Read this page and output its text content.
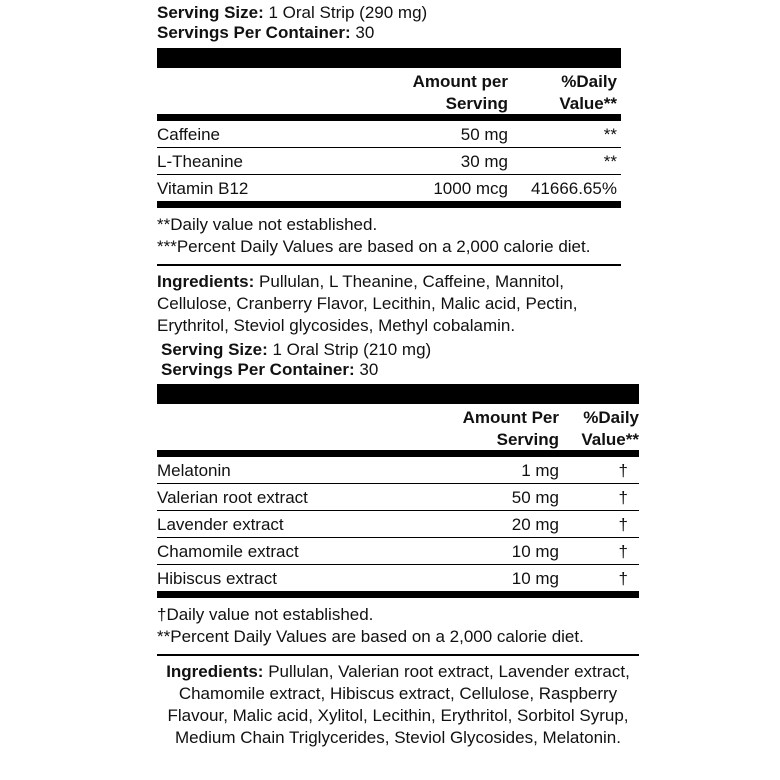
Serving Size: 1 Oral Strip (290 mg)
Servings Per Container: 30
Amount per
Serving
%Daily
Value**
Caffeine	50 mg	**
L-Theanine	30 mg	**
Vitamin B12	1000 mcg 41666.65%
**Daily value not established.
***Percent Daily Values are based on a 2,000 calorie diet.
Ingredients: Pullulan, L Theanine, Caffeine, Mannitol, Cellulose, Cranberry Flavor, Lecithin, Malic acid, Pectin, Erythritol, Steviol glycosides, Methyl cobalamin.
Serving Size: 1 Oral Strip (210 mg)
Servings Per Container: 30
Amount Per
Serving
%Daily
Value**
Melatonin	1 mg	†
Valerian root extract	50 mg	†
Lavender extract	20 mg	†
Chamomile extract	10 mg	†
Hibiscus extract	10 mg	†
†Daily value not established.
**Percent Daily Values are based on a 2,000 calorie diet.
Ingredients: Pullulan, Valerian root extract, Lavender extract, Chamomile extract, Hibiscus extract, Cellulose, Raspberry Flavour, Malic acid, Xylitol, Lecithin, Erythritol, Sorbitol Syrup, Medium Chain Triglycerides, Steviol Glycosides, Melatonin.
